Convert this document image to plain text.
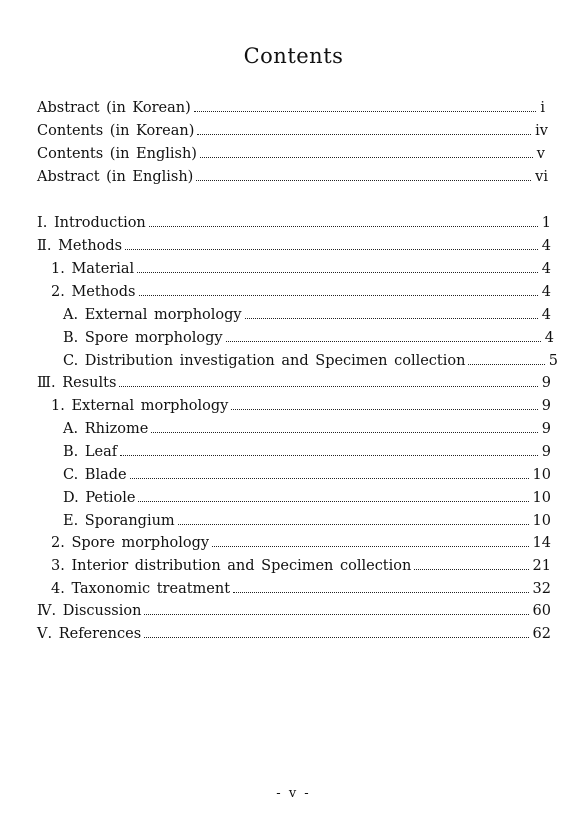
Contents
Abstract (in Korean)	i
Contents (in Korean)	iv
Contents (in English)	v
Abstract (in English)	vi
Ⅰ. Introduction	1
Ⅱ. Methods	4
1. Material	4
2. Methods	4
A. External morphology	4
B. Spore morphology	4
C. Distribution investigation and Specimen collection	5
Ⅲ. Results	9
1. External morphology	9
A. Rhizome	9
B. Leaf	9
C. Blade	10
D. Petiole	10
E. Sporangium	10
2. Spore morphology	14
3. Interior distribution and Specimen collection	21
4. Taxonomic treatment	32
Ⅳ. Discussion	60
Ⅴ. References	62
- v -
